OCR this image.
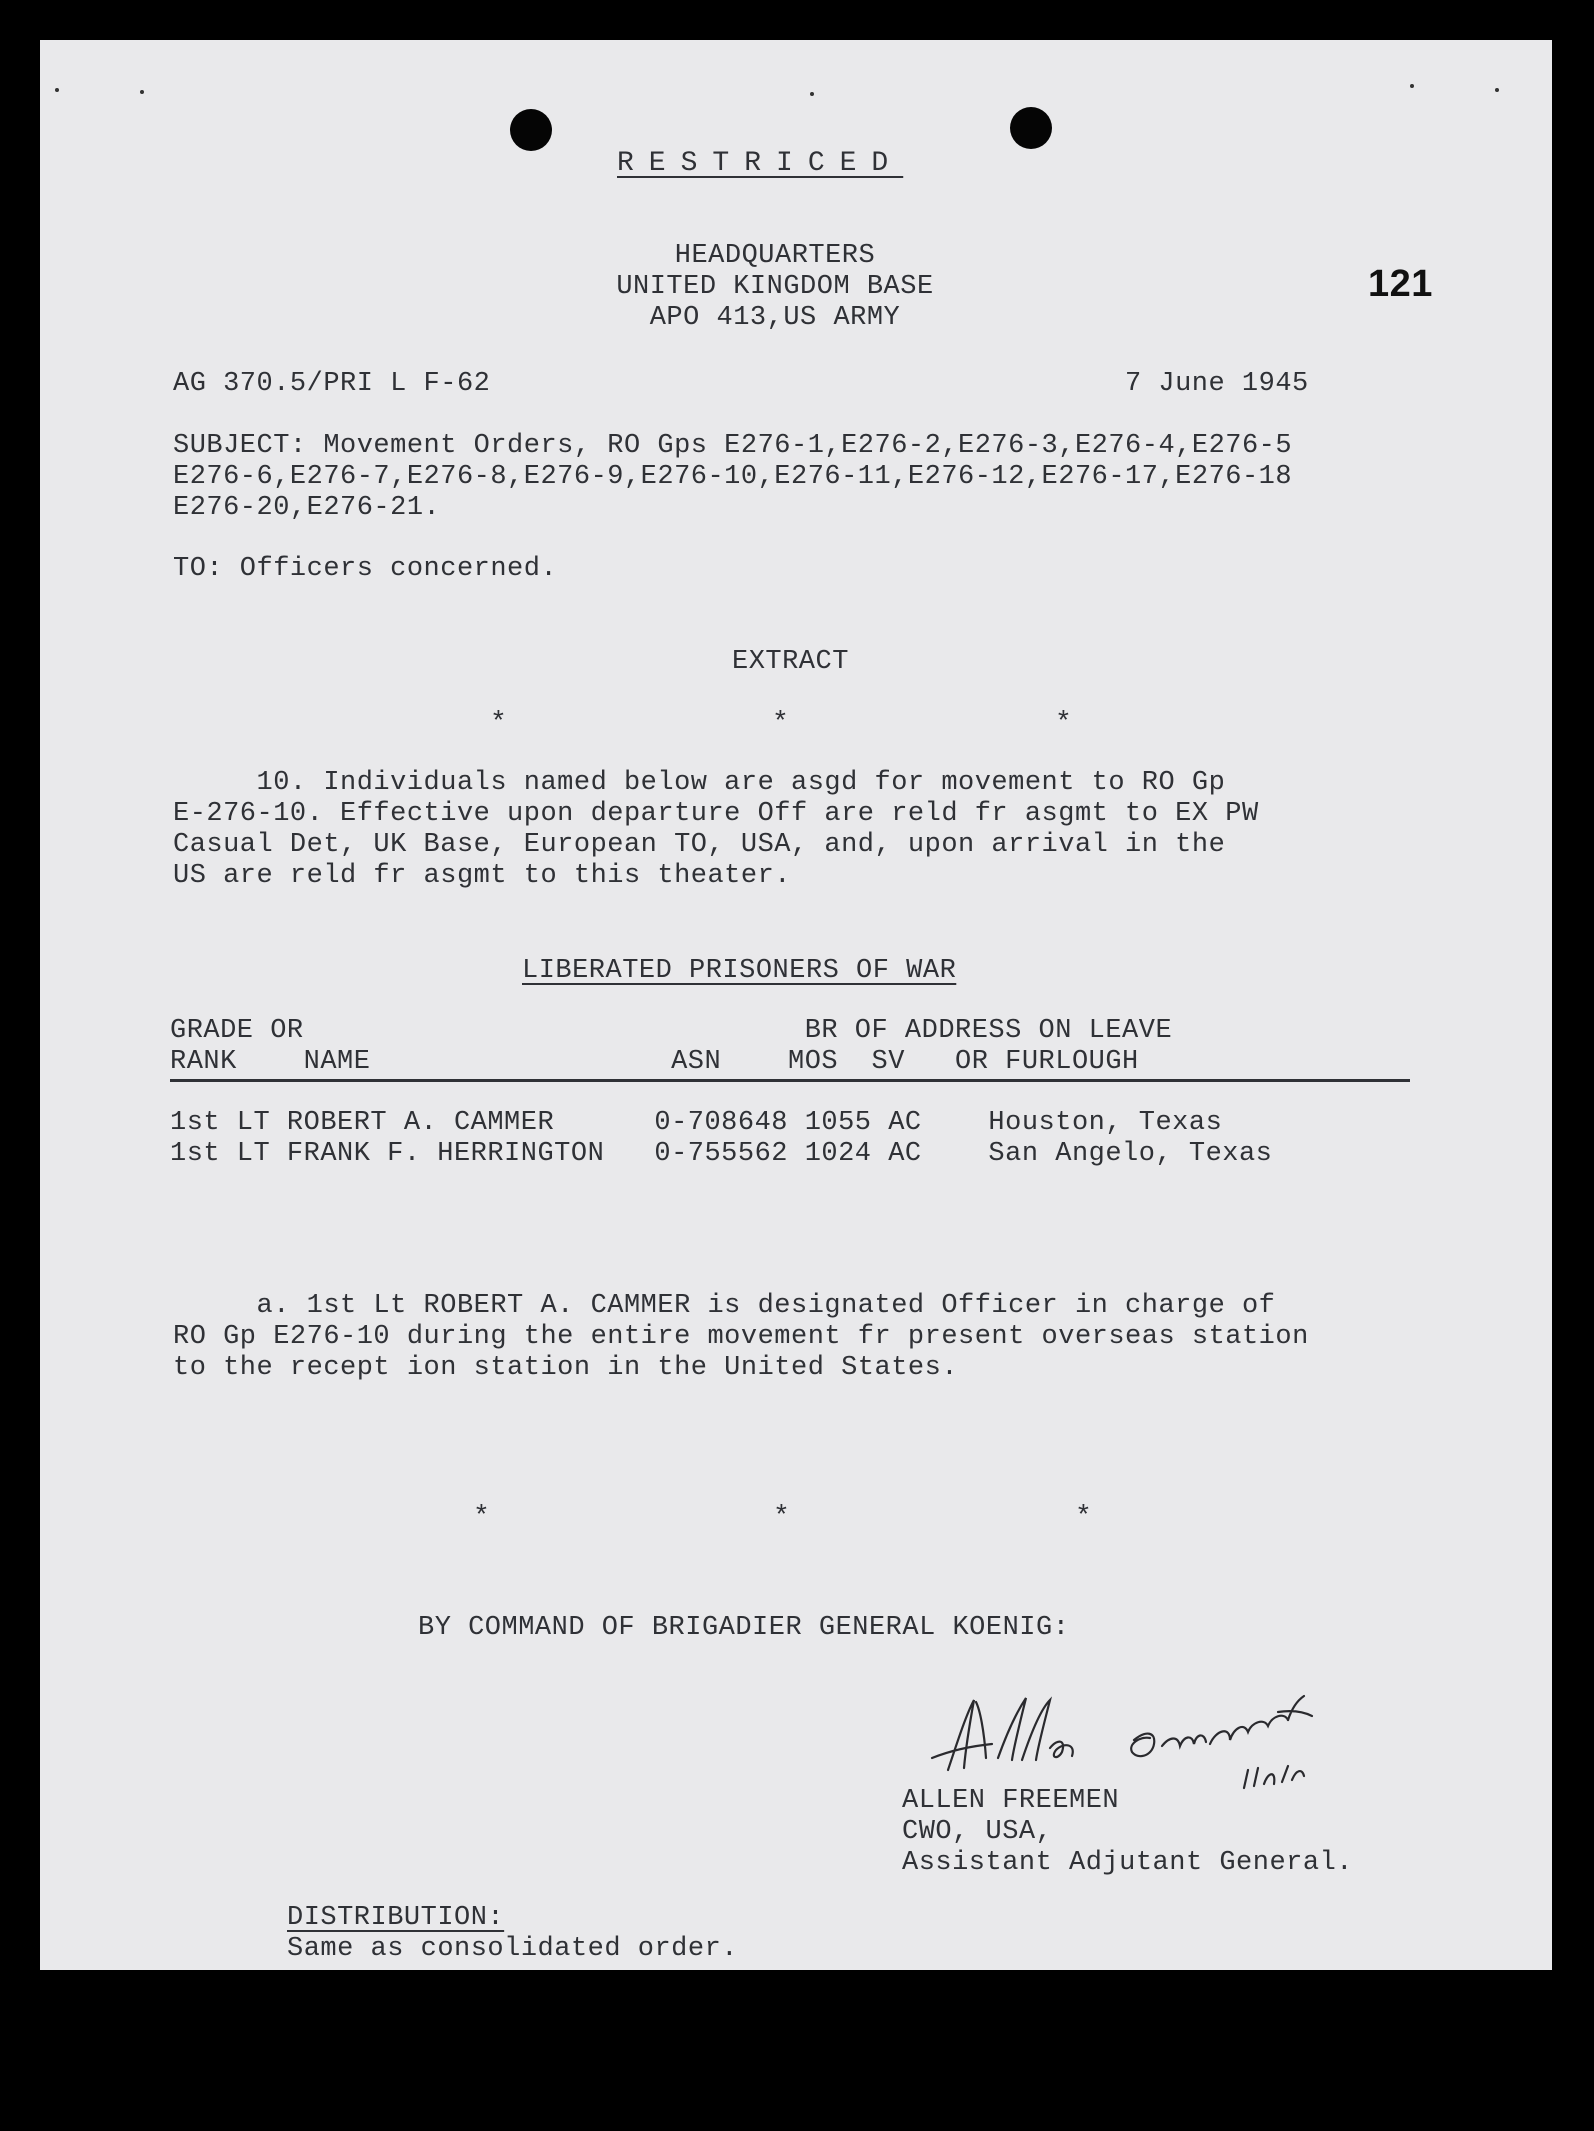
RESTRICED
HEADQUARTERS
UNITED KINGDOM BASE
APO 413,US ARMY
121
AG 370.5/PRI L F-62	7 June 1945
SUBJECT: Movement Orders, RO Gps E276-1,E276-2,E276-3,E276-4,E276-5
E276-6,E276-7,E276-8,E276-9,E276-10,E276-11,E276-12,E276-17,E276-18
E276-20,E276-21.
TO: Officers concerned.
EXTRACT
*	*	*
10. Individuals named below are asgd for movement to RO Gp
E-276-10. Effective upon departure Off are reld fr asgmt to EX PW
Casual Det, UK Base, European TO, USA, and, upon arrival in the
US are reld fr asgmt to this theater.
LIBERATED PRISONERS OF WAR
GRADE OR                              BR OF ADDRESS ON LEAVE
RANK    NAME                  ASN    MOS  SV   OR FURLOUGH
1st LT ROBERT A. CAMMER      0-708648 1055 AC    Houston, Texas
1st LT FRANK F. HERRINGTON   0-755562 1024 AC    San Angelo, Texas
a. 1st Lt ROBERT A. CAMMER is designated Officer in charge of
RO Gp E276-10 during the entire movement fr present overseas station
to the recept ion station in the United States.
*	*	*
BY COMMAND OF BRIGADIER GENERAL KOENIG:
ALLEN FREEMEN
CWO, USA,
Assistant Adjutant General.
DISTRIBUTION:
Same as consolidated order.
